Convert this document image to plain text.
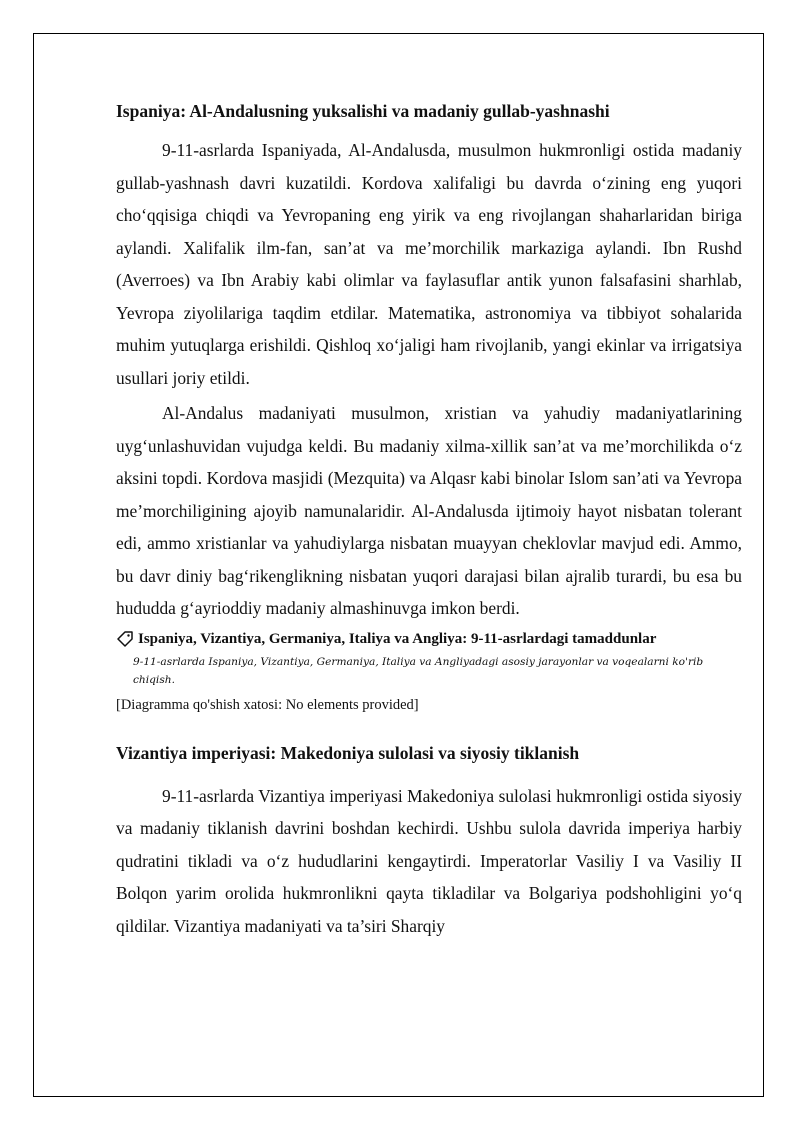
Ispaniya: Al-Andalusning yuksalishi va madaniy gullab-yashnashi

9-11-asrlarda Ispaniyada, Al-Andalusda, musulmon hukmronligi ostida madaniy gullab-yashnash davri kuzatildi. Kordova xalifaligi bu davrda o‘zining eng yuqori cho‘qqisiga chiqdi va Yevropaning eng yirik va eng rivojlangan shaharlaridan biriga aylandi. Xalifalik ilm-fan, san’at va me’morchilik markaziga aylandi. Ibn Rushd (Averroes) va Ibn Arabiy kabi olimlar va faylasuflar antik yunon falsafasini sharhlab, Yevropa ziyolilariga taqdim etdilar. Matematika, astronomiya va tibbiyot sohalarida muhim yutuqlarga erishildi. Qishloq xo‘jaligi ham rivojlanib, yangi ekinlar va irrigatsiya usullari joriy etildi.

Al-Andalus madaniyati musulmon, xristian va yahudiy madaniyatlarining uyg‘unlashuvidan vujudga keldi. Bu madaniy xilma-xillik san’at va me’morchilikda o‘z aksini topdi. Kordova masjidi (Mezquita) va Alqasr kabi binolar Islom san’ati va Yevropa me’morchiligining ajoyib namunalaridir. Al-Andalusda ijtimoiy hayot nisbatan tolerant edi, ammo xristianlar va yahudiylarga nisbatan muayyan cheklovlar mavjud edi. Ammo, bu davr diniy bag‘rikenglikning nisbatan yuqori darajasi bilan ajralib turardi, bu esa bu hududda g‘ayrioddiy madaniy almashinuvga imkon berdi.

Ispaniya, Vizantiya, Germaniya, Italiya va Angliya: 9-11-asrlardagi tamaddunlar
9-11-asrlarda Ispaniya, Vizantiya, Germaniya, Italiya va Angliyadagi asosiy jarayonlar va voqealarni ko'rib chiqish.
[Diagramma qo'shish xatosi: No elements provided]
Vizantiya imperiyasi: Makedoniya sulolasi va siyosiy tiklanish

9-11-asrlarda Vizantiya imperiyasi Makedoniya sulolasi hukmronligi ostida siyosiy va madaniy tiklanish davrini boshdan kechirdi. Ushbu sulola davrida imperiya harbiy qudratini tikladi va o‘z hududlarini kengaytirdi. Imperatorlar Vasiliy I va Vasiliy II Bolqon yarim orolida hukmronlikni qayta tikladilar va Bolgariya podshohligini yo‘q qildilar. Vizantiya madaniyati va ta’siri Sharqiy
